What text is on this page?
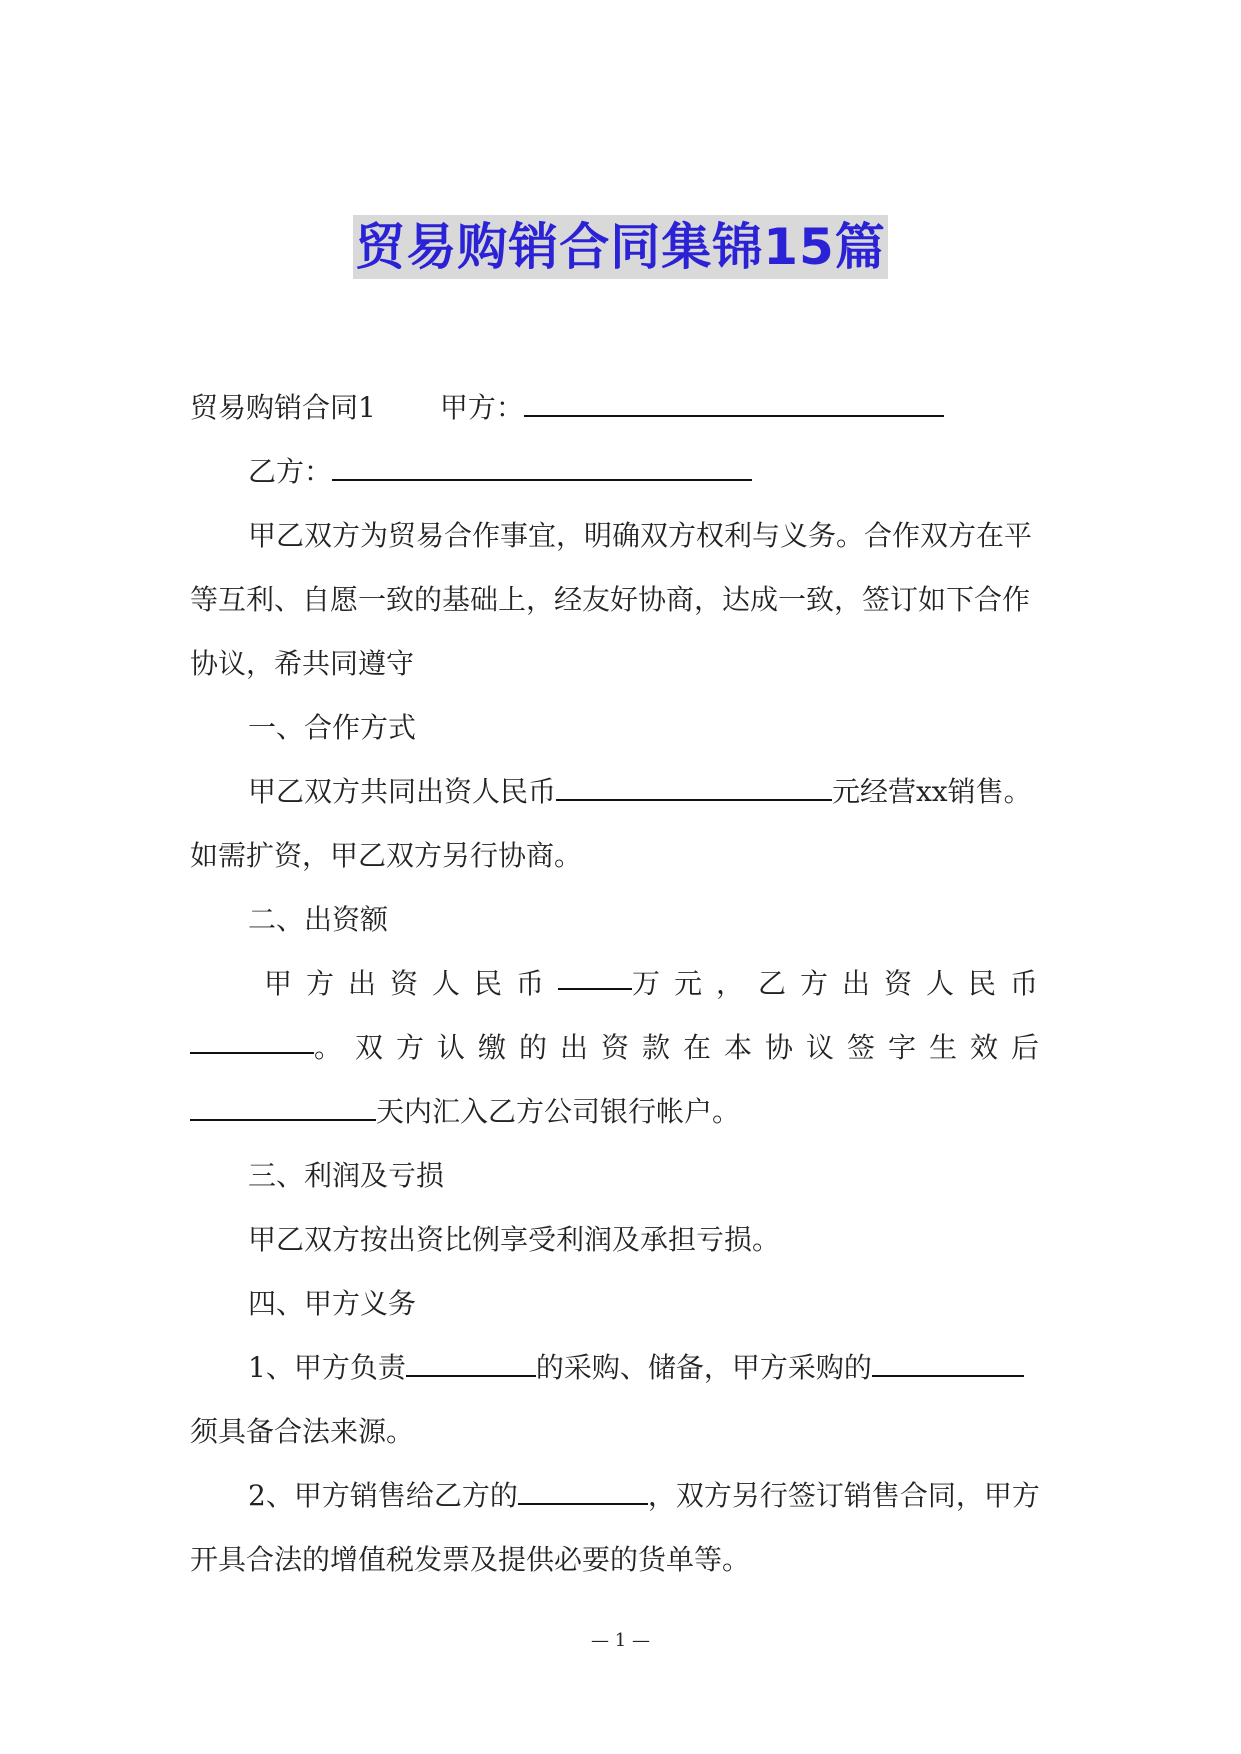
贸易购销合同集锦15篇
贸易购销合同1 甲方：
乙方：
甲乙双方为贸易合作事宜，明确双方权利与义务。合作双方在平
等互利、自愿一致的基础上，经友好协商，达成一致，签订如下合作
协议，希共同遵守
一、合作方式
甲乙双方共同出资人民币	元经营xx销售。
如需扩资，甲乙双方另行协商。
二、出资额
甲方出资人民币	万元， 乙方出资人民币
。双方认缴的出资款在本协议签字生效后
天内汇入乙方公司银行帐户。
三、利润及亏损
甲乙双方按出资比例享受利润及承担亏损。
四、甲方义务
1、甲方负责	的采购、储备，甲方采购的
须具备合法来源。
2、甲方销售给乙方的	，双方另行签订销售合同，甲方
开具合法的增值税发票及提供必要的货单等。
— 1 —
